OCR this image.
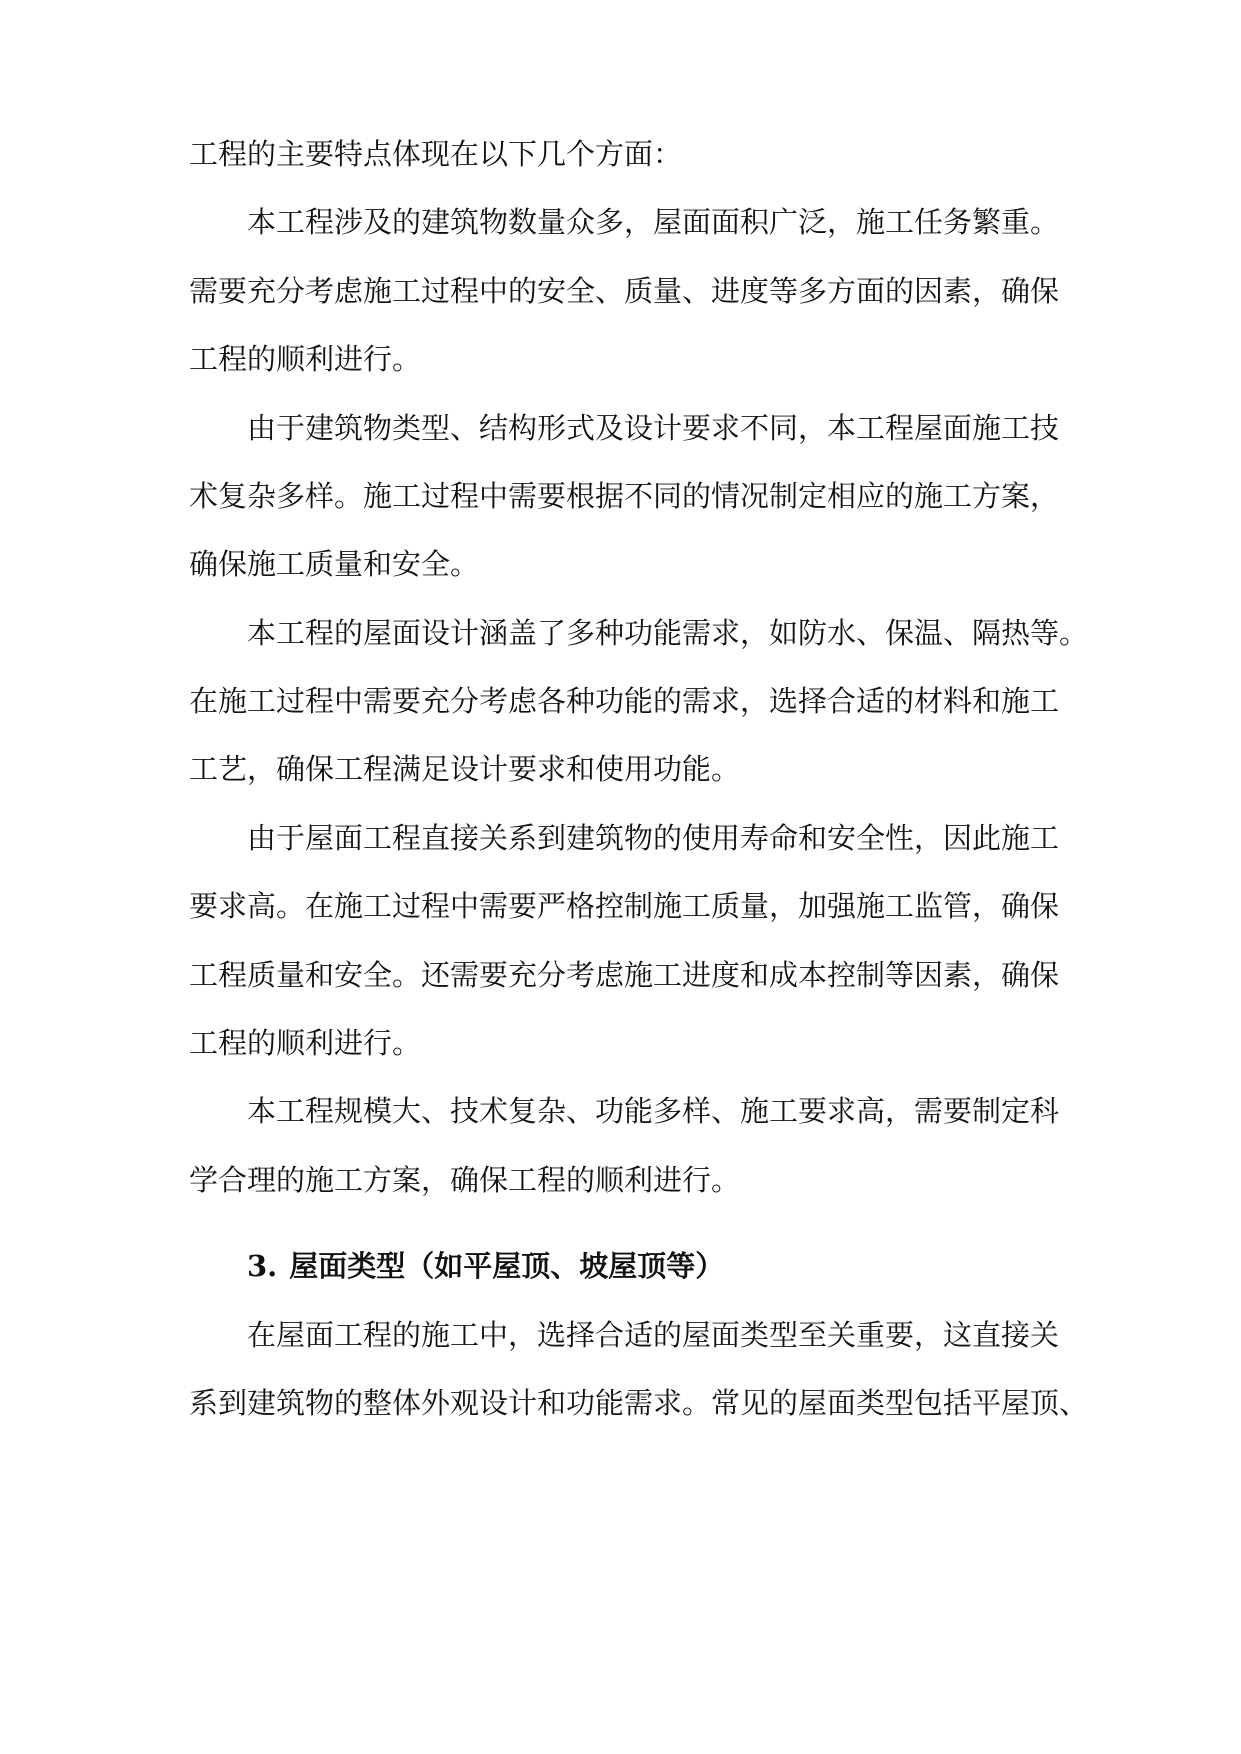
工程的主要特点体现在以下几个方面：
本工程涉及的建筑物数量众多，屋面面积广泛，施工任务繁重。
需要充分考虑施工过程中的安全、质量、进度等多方面的因素，确保
工程的顺利进行。
由于建筑物类型、结构形式及设计要求不同，本工程屋面施工技
术复杂多样。施工过程中需要根据不同的情况制定相应的施工方案，
确保施工质量和安全。
本工程的屋面设计涵盖了多种功能需求，如防水、保温、隔热等。
在施工过程中需要充分考虑各种功能的需求，选择合适的材料和施工
工艺，确保工程满足设计要求和使用功能。
由于屋面工程直接关系到建筑物的使用寿命和安全性，因此施工
要求高。在施工过程中需要严格控制施工质量，加强施工监管，确保
工程质量和安全。还需要充分考虑施工进度和成本控制等因素，确保
工程的顺利进行。
本工程规模大、技术复杂、功能多样、施工要求高，需要制定科
学合理的施工方案，确保工程的顺利进行。
3. 屋面类型（如平屋顶、坡屋顶等）
在屋面工程的施工中，选择合适的屋面类型至关重要，这直接关
系到建筑物的整体外观设计和功能需求。常见的屋面类型包括平屋顶、
